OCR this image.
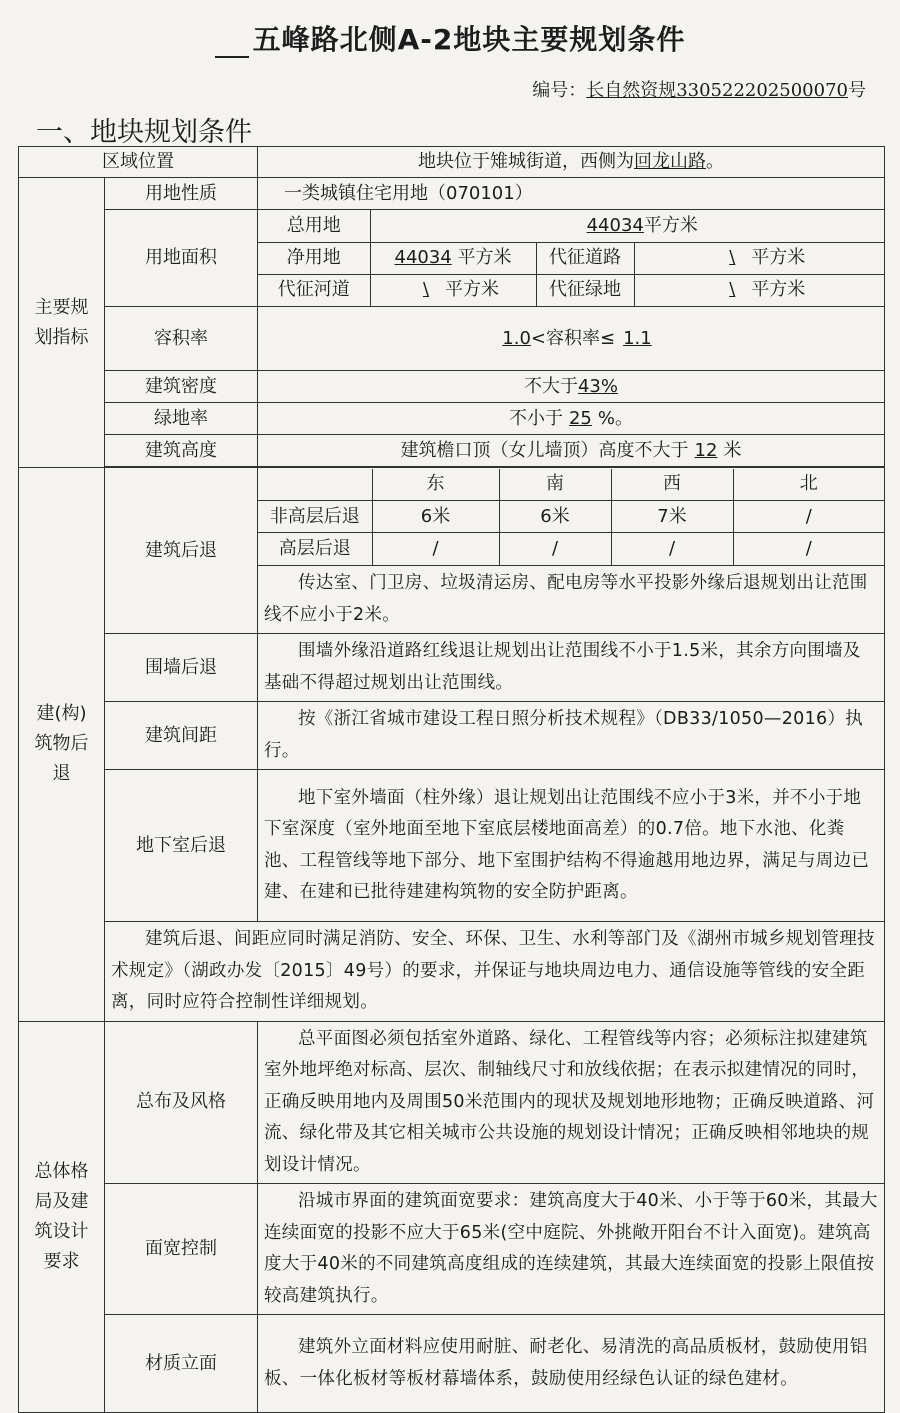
五峰路北侧A-2地块主要规划条件
编号：长自然资规330522202500070号
一、地块规划条件
区域位置	地块位于雉城街道，西侧为回龙山路。
主要规划指标	用地性质	一类城镇住宅用地（070101）
用地面积	
总用地	44034平方米
净用地	44034 平方米	代征道路	\ 平方米
代征河道	\ 平方米	代征绿地	\ 平方米

容积率	1.0<容积率≤ 1.1
建筑密度	不大于43%
绿地率	不小于 25 %。
建筑高度	建筑檐口顶（女儿墙顶）高度不大于 12 米

建(构)筑物后退	建筑后退	
	东	南	西	北
非高层后退	6米	6米	7米	/
高层后退	/	/	/	/

传达室、门卫房、垃圾清运房、配电房等水平投影外缘后退规划出让范围线不应小于2米。
围墙后退	围墙外缘沿道路红线退让规划出让范围线不小于1.5米，其余方向围墙及基础不得超过规划出让范围线。
建筑间距	按《浙江省城市建设工程日照分析技术规程》（DB33/1050—2016）执行。
地下室后退	地下室外墙面（柱外缘）退让规划出让范围线不应小于3米，并不小于地下室深度（室外地面至地下室底层楼地面高差）的0.7倍。地下水池、化粪池、工程管线等地下部分、地下室围护结构不得逾越用地边界，满足与周边已建、在建和已批待建建构筑物的安全防护距离。
建筑后退、间距应同时满足消防、安全、环保、卫生、水利等部门及《湖州市城乡规划管理技术规定》（湖政办发〔2015〕49号）的要求，并保证与地块周边电力、通信设施等管线的安全距离，同时应符合控制性详细规划。
总体格局及建筑设计要求	总布及风格	总平面图必须包括室外道路、绿化、工程管线等内容；必须标注拟建建筑室外地坪绝对标高、层次、制轴线尺寸和放线依据；在表示拟建情况的同时，正确反映用地内及周围50米范围内的现状及规划地形地物；正确反映道路、河流、绿化带及其它相关城市公共设施的规划设计情况；正确反映相邻地块的规划设计情况。
面宽控制	沿城市界面的建筑面宽要求：建筑高度大于40米、小于等于60米，其最大连续面宽的投影不应大于65米(空中庭院、外挑敞开阳台不计入面宽)。建筑高度大于40米的不同建筑高度组成的连续建筑，其最大连续面宽的投影上限值按较高建筑执行。
材质立面	建筑外立面材料应使用耐脏、耐老化、易清洗的高品质板材，鼓励使用铝板、一体化板材等板材幕墙体系，鼓励使用经绿色认证的绿色建材。
